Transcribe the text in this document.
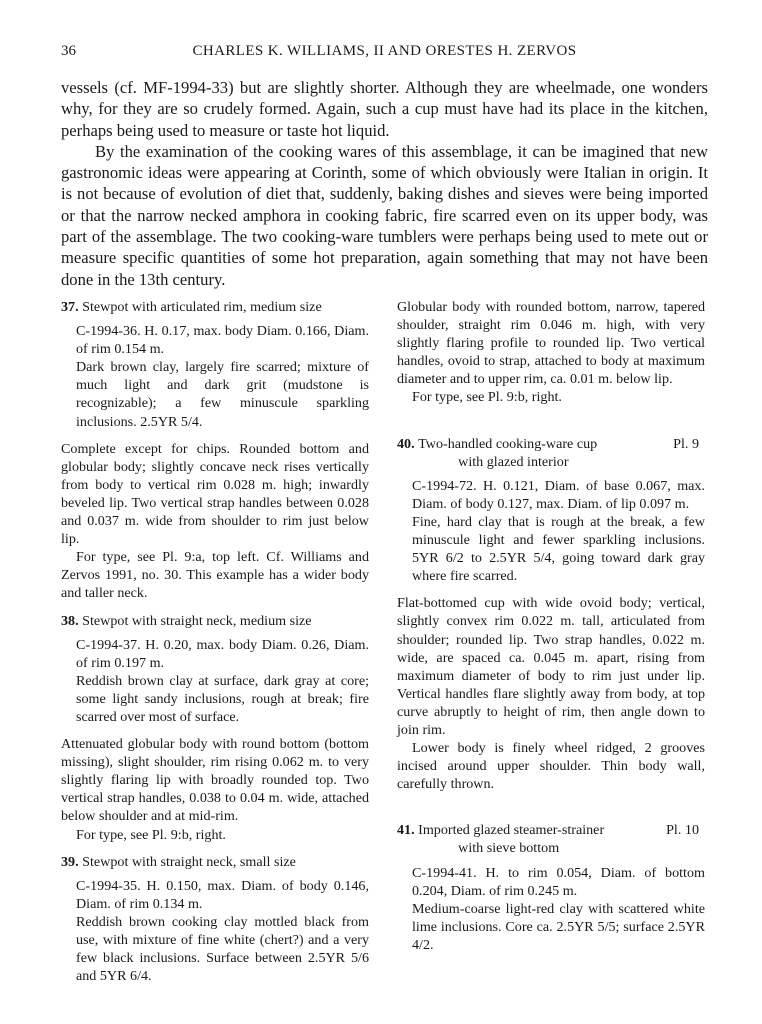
36	CHARLES K. WILLIAMS, II AND ORESTES H. ZERVOS

vessels (cf. MF-1994-33) but are slightly shorter. Although they are wheelmade, one wonders why, for they are so crudely formed. Again, such a cup must have had its place in the kitchen, perhaps being used to measure or taste hot liquid.

By the examination of the cooking wares of this assemblage, it can be imagined that new gastronomic ideas were appearing at Corinth, some of which obviously were Italian in origin. It is not because of evolution of diet that, suddenly, baking dishes and sieves were being imported or that the narrow necked amphora in cooking fabric, fire scarred even on its upper body, was part of the assemblage. The two cooking-ware tumblers were perhaps being used to mete out or measure specific quantities of some hot preparation, again something that may not have been done in the 13th century.

37. Stewpot with articulated rim, medium size

C-1994-36. H. 0.17, max. body Diam. 0.166, Diam. of rim 0.154 m.

Dark brown clay, largely fire scarred; mixture of much light and dark grit (mudstone is recognizable); a few minuscule sparkling inclusions. 2.5YR 5/4.

Complete except for chips. Rounded bottom and globular body; slightly concave neck rises vertically from body to vertical rim 0.028 m. high; inwardly beveled lip. Two vertical strap handles between 0.028 and 0.037 m. wide from shoulder to rim just below lip.

For type, see Pl. 9:a, top left. Cf. Williams and Zervos 1991, no. 30. This example has a wider body and taller neck.

38. Stewpot with straight neck, medium size

C-1994-37. H. 0.20, max. body Diam. 0.26, Diam. of rim 0.197 m.

Reddish brown clay at surface, dark gray at core; some light sandy inclusions, rough at break; fire scarred over most of surface.

Attenuated globular body with round bottom (bottom missing), slight shoulder, rim rising 0.062 m. to very slightly flaring lip with broadly rounded top. Two vertical strap handles, 0.038 to 0.04 m. wide, attached below shoulder and at mid-rim.

For type, see Pl. 9:b, right.

39. Stewpot with straight neck, small size

C-1994-35. H. 0.150, max. Diam. of body 0.146, Diam. of rim 0.134 m.

Reddish brown cooking clay mottled black from use, with mixture of fine white (chert?) and a very few black inclusions. Surface between 2.5YR 5/6 and 5YR 6/4.

Globular body with rounded bottom, narrow, tapered shoulder, straight rim 0.046 m. high, with very slightly flaring profile to rounded lip. Two vertical handles, ovoid to strap, attached to body at maximum diameter and to upper rim, ca. 0.01 m. below lip.

For type, see Pl. 9:b, right.

40. Two-handled cooking-ware cup
with glazed interior
Pl. 9

C-1994-72. H. 0.121, Diam. of base 0.067, max. Diam. of body 0.127, max. Diam. of lip 0.097 m.

Fine, hard clay that is rough at the break, a few minuscule light and fewer sparkling inclusions. 5YR 6/2 to 2.5YR 5/4, going toward dark gray where fire scarred.

Flat-bottomed cup with wide ovoid body; vertical, slightly convex rim 0.022 m. tall, articulated from shoulder; rounded lip. Two strap handles, 0.022 m. wide, are spaced ca. 0.045 m. apart, rising from maximum diameter of body to rim just under lip. Vertical handles flare slightly away from body, at top curve abruptly to height of rim, then angle down to join rim.

Lower body is finely wheel ridged, 2 grooves incised around upper shoulder. Thin body wall, carefully thrown.

41. Imported glazed steamer-strainer
with sieve bottom
Pl. 10

C-1994-41. H. to rim 0.054, Diam. of bottom 0.204, Diam. of rim 0.245 m.

Medium-coarse light-red clay with scattered white lime inclusions. Core ca. 2.5YR 5/5; surface 2.5YR 4/2.
